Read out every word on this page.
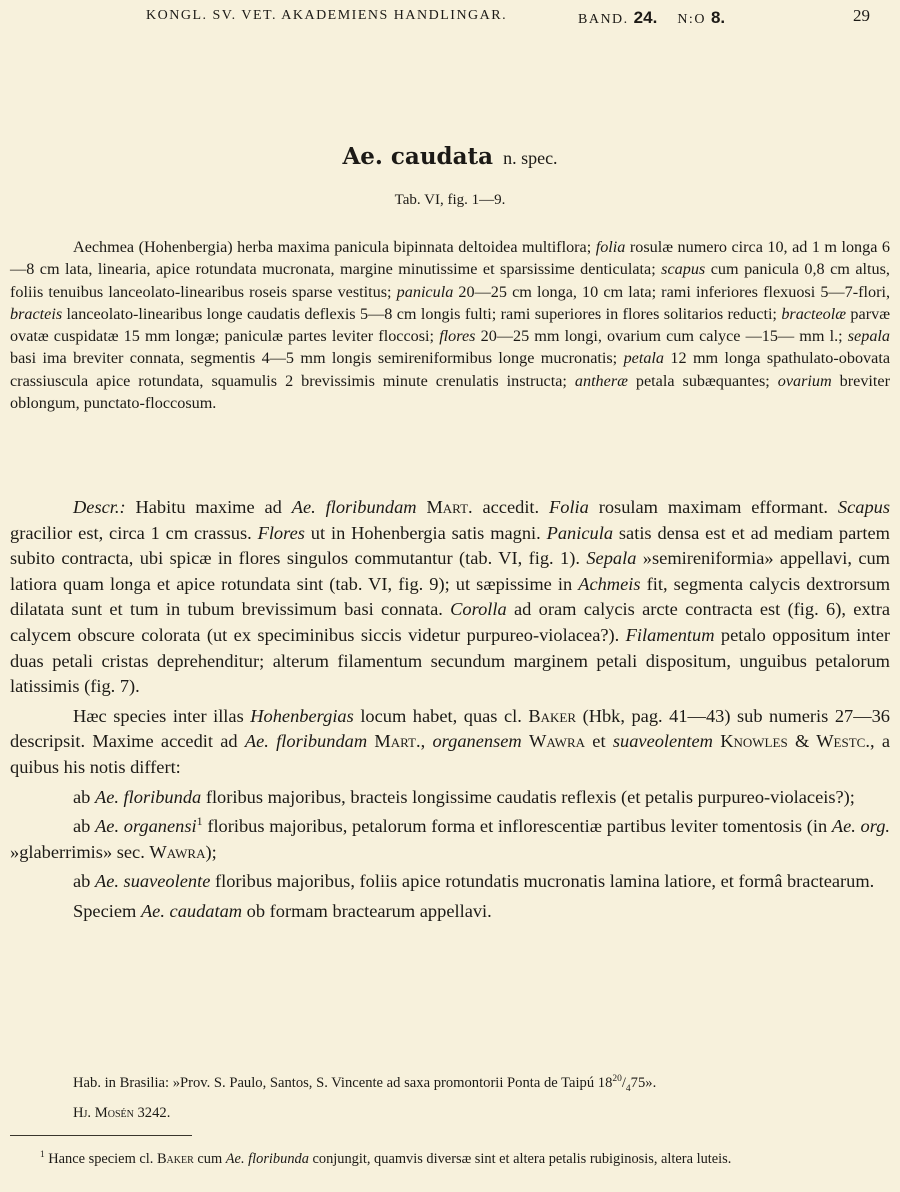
KONGL. SV. VET. AKADEMIENS HANDLINGAR.	BAND. 24. N:O 8.	29
Ae. caudata n. spec.
Tab. VI, fig. 1—9.
Aechmea (Hohenbergia) herba maxima panicula bipinnata deltoidea multiflora; folia rosulæ numero circa 10, ad 1 m longa 6—8 cm lata, linearia, apice rotundata mucronata, margine minutissime et sparsissime denticulata; scapus cum panicula 0,8 cm altus, foliis tenuibus lanceolato-linearibus roseis sparse vestitus; panicula 20—25 cm longa, 10 cm lata; rami inferiores flexuosi 5—7-flori, bracteis lanceolato-linearibus longe caudatis deflexis 5—8 cm longis fulti; rami superiores in flores solitarios reducti; bracteolæ parvæ ovatæ cuspidatæ 15 mm longæ; paniculæ partes leviter floccosi; flores 20—25 mm longi, ovarium cum calyce —15— mm l.; sepala basi ima breviter connata, segmentis 4—5 mm longis semireniformibus longe mucronatis; petala 12 mm longa spathulato-obovata crassiuscula apice rotundata, squamulis 2 brevissimis minute crenulatis instructa; antheræ petala subæquantes; ovarium breviter oblongum, punctato-floccosum.

Descr.: Habitu maxime ad Ae. floribundam Mart. accedit. Folia rosulam maximam efformant. Scapus gracilior est, circa 1 cm crassus. Flores ut in Hohenbergia satis magni. Panicula satis densa est et ad mediam partem subito contracta, ubi spicæ in flores singulos commutantur (tab. VI, fig. 1). Sepala »semireniformia» appellavi, cum latiora quam longa et apice rotundata sint (tab. VI, fig. 9); ut sæpissime in Achmeis fit, segmenta calycis dextrorsum dilatata sunt et tum in tubum brevissimum basi connata. Corolla ad oram calycis arcte contracta est (fig. 6), extra calycem obscure colorata (ut ex speciminibus siccis videtur purpureo-violacea?). Filamentum petalo oppositum inter duas petali cristas deprehenditur; alterum filamentum secundum marginem petali dispositum, unguibus petalorum latissimis (fig. 7).

Hæc species inter illas Hohenbergias locum habet, quas cl. Baker (Hbk, pag. 41—43) sub numeris 27—36 descripsit. Maxime accedit ad Ae. floribundam Mart., organensem Wawra et suaveolentem Knowles & Westc., a quibus his notis differt:

ab Ae. floribunda floribus majoribus, bracteis longissime caudatis reflexis (et petalis purpureo-violaceis?);

ab Ae. organensi$^1$ floribus majoribus, petalorum forma et inflorescentiæ partibus leviter tomentosis (in Ae. org. »glaberrimis» sec. Wawra);

ab Ae. suaveolente floribus majoribus, foliis apice rotundatis mucronatis lamina latiore, et formâ bractearum.

Speciem Ae. caudatam ob formam bractearum appellavi.

Hab. in Brasilia: »Prov. S. Paulo, Santos, S. Vincente ad saxa promontorii Ponta de Taipú $18^{20}/_475$».
Hj. Mosén 3242.
$^1$ Hance speciem cl. Baker cum Ae. floribunda conjungit, quamvis diversæ sint et altera petalis rubiginosis, altera luteis.
